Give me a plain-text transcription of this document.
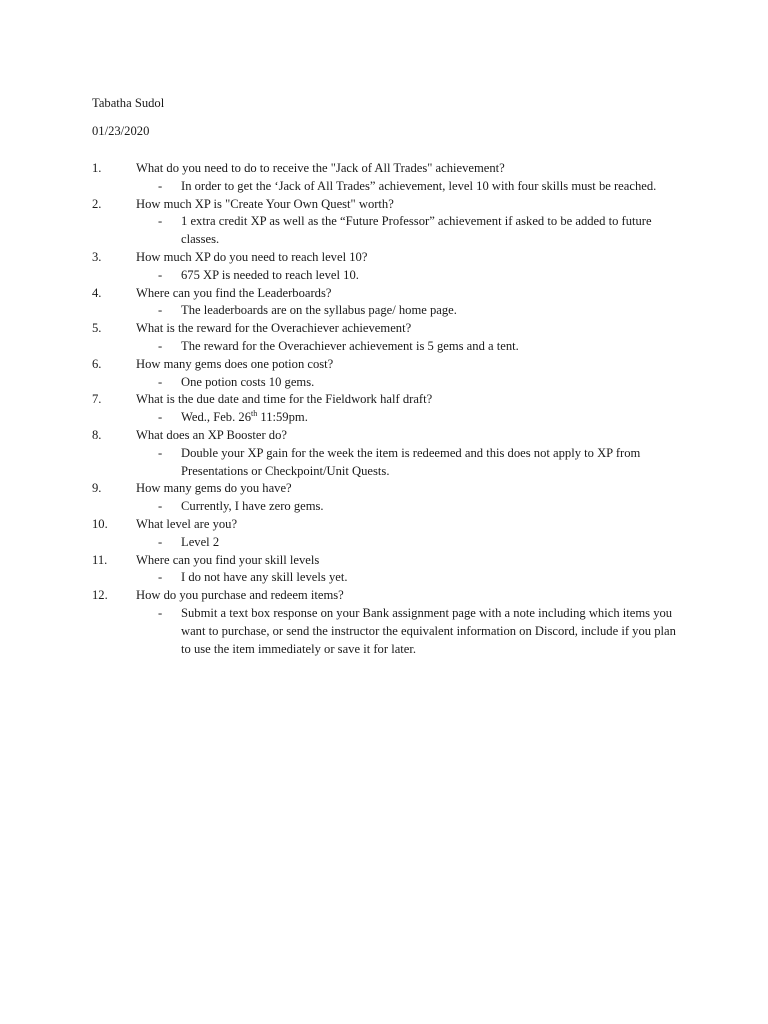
Tabatha Sudol
01/23/2020
1.	What do you need to do to receive the "Jack of All Trades" achievement?
- In order to get the ‘Jack of All Trades” achievement, level 10 with four skills must be reached.
2.	How much XP is "Create Your Own Quest" worth?
- 1 extra credit XP as well as the “Future Professor” achievement if asked to be added to future classes.
3.	How much XP do you need to reach level 10?
- 675 XP is needed to reach level 10.
4.	Where can you find the Leaderboards?
- The leaderboards are on the syllabus page/ home page.
5.	What is the reward for the Overachiever achievement?
- The reward for the Overachiever achievement is 5 gems and a tent.
6.	How many gems does one potion cost?
- One potion costs 10 gems.
7.	What is the due date and time for the Fieldwork half draft?
- Wed., Feb. 26th 11:59pm.
8.	What does an XP Booster do?
- Double your XP gain for the week the item is redeemed and this does not apply to XP from Presentations or Checkpoint/Unit Quests.
9.	How many gems do you have?
- Currently, I have zero gems.
10. What level are you?
- Level 2
11. Where can you find your skill levels
- I do not have any skill levels yet.
12. How do you purchase and redeem items?
- Submit a text box response on your Bank assignment page with a note including which items you want to purchase, or send the instructor the equivalent information on Discord, include if you plan to use the item immediately or save it for later.
